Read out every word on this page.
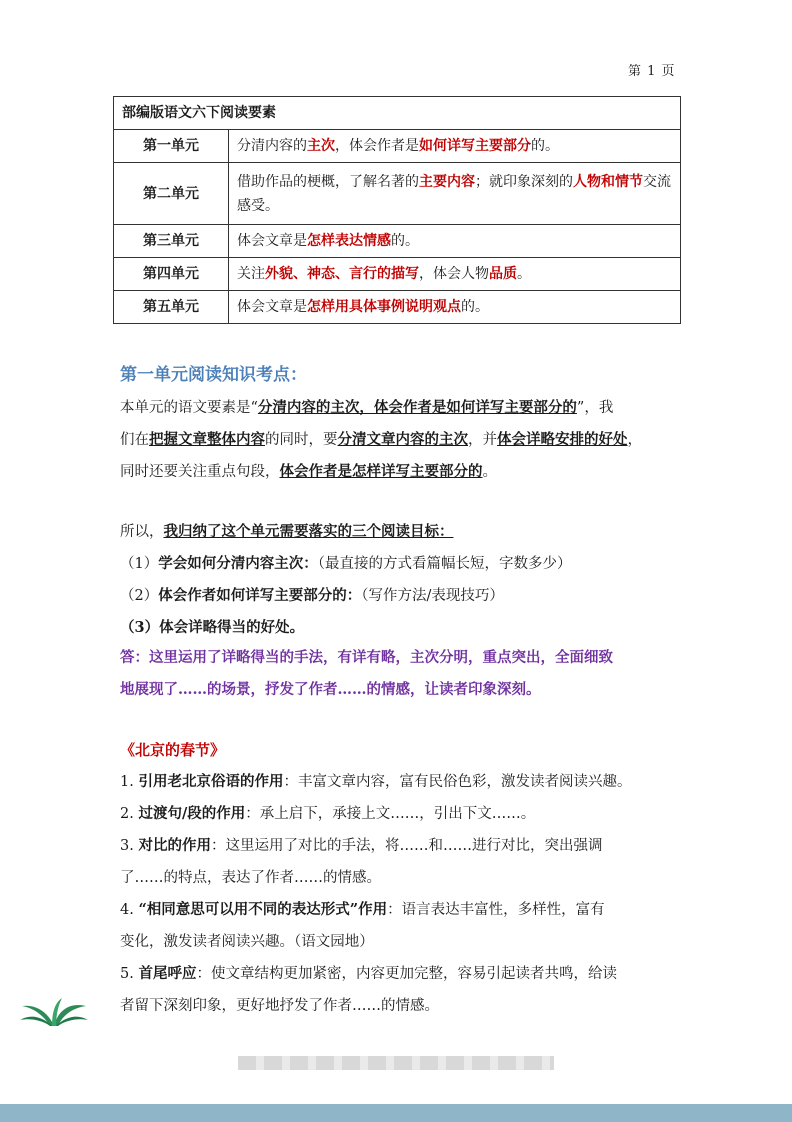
第 1 页
部编版语文六下阅读要素	
第一单元	分清内容的主次，体会作者是如何详写主要部分的。
第二单元	借助作品的梗概，了解名著的主要内容；就印象深刻的人物和情节交流感受。
第三单元	体会文章是怎样表达情感的。
第四单元	关注外貌、神态、言行的描写，体会人物品质。
第五单元	体会文章是怎样用具体事例说明观点的。
第一单元阅读知识考点：
本单元的语文要素是“分清内容的主次，体会作者是如何详写主要部分的”，我
们在把握文章整体内容的同时，要分清文章内容的主次，并体会详略安排的好处，
同时还要关注重点句段，体会作者是怎样详写主要部分的。
所以，我归纳了这个单元需要落实的三个阅读目标：
（1）学会如何分清内容主次：（最直接的方式看篇幅长短，字数多少）
（2）体会作者如何详写主要部分的：（写作方法/表现技巧）
（3）体会详略得当的好处。
答：这里运用了详略得当的手法，有详有略，主次分明，重点突出，全面细致
地展现了……的场景，抒发了作者……的情感，让读者印象深刻。
《北京的春节》
1. 引用老北京俗语的作用：丰富文章内容，富有民俗色彩，激发读者阅读兴趣。
2. 过渡句/段的作用：承上启下，承接上文……，引出下文……。
3. 对比的作用：这里运用了对比的手法，将……和……进行对比，突出强调
了……的特点，表达了作者……的情感。
4. “相同意思可以用不同的表达形式”作用：语言表达丰富性，多样性，富有
变化，激发读者阅读兴趣。（语文园地）
5. 首尾呼应：使文章结构更加紧密，内容更加完整，容易引起读者共鸣，给读
者留下深刻印象，更好地抒发了作者……的情感。
